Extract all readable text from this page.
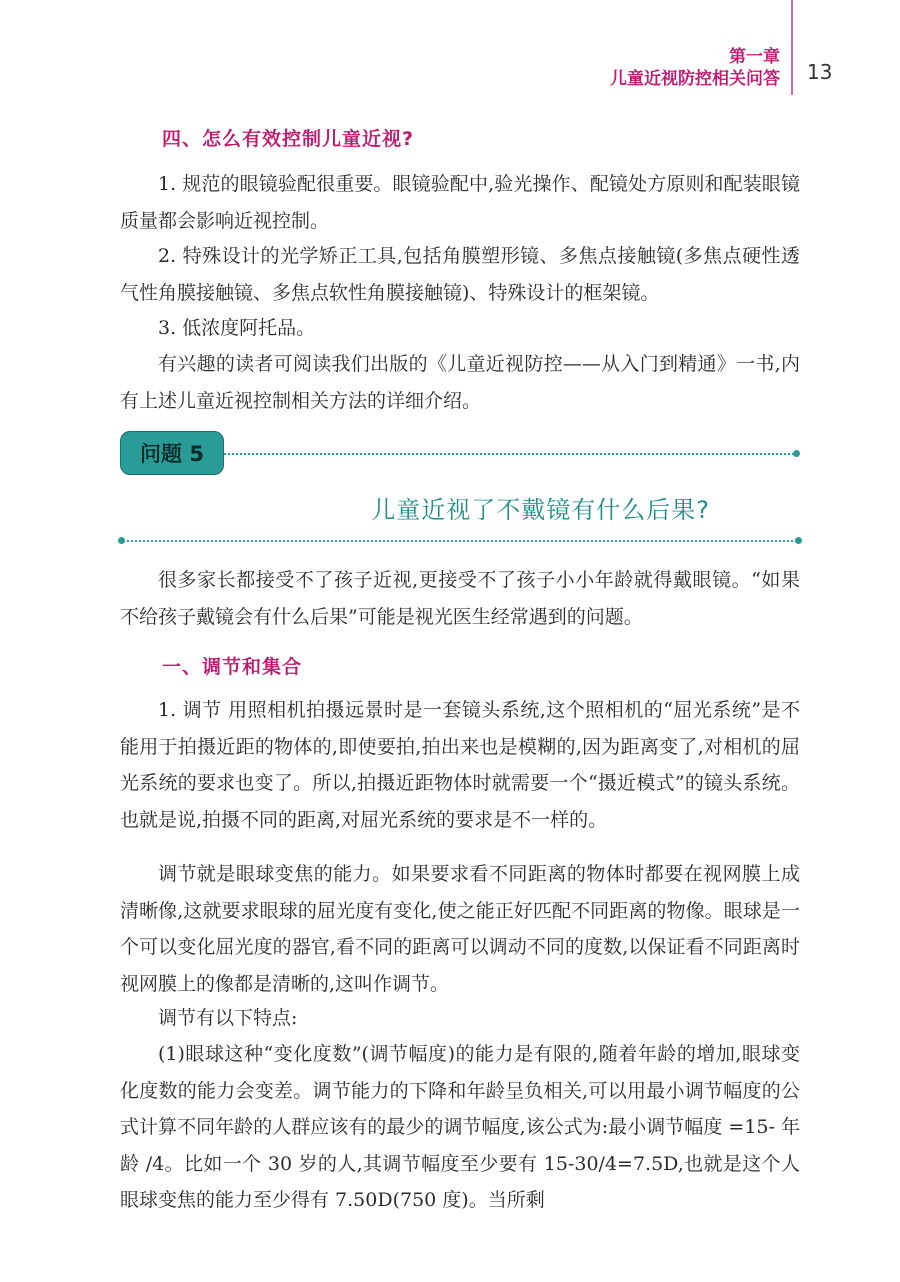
第一章
儿童近视防控相关问答 13
四、怎么有效控制儿童近视?

1. 规范的眼镜验配很重要。眼镜验配中,验光操作、配镜处方原则和配装眼镜质量都会影响近视控制。

2. 特殊设计的光学矫正工具,包括角膜塑形镜、多焦点接触镜(多焦点硬性透气性角膜接触镜、多焦点软性角膜接触镜)、特殊设计的框架镜。

3. 低浓度阿托品。

有兴趣的读者可阅读我们出版的《儿童近视防控——从入门到精通》一书,内有上述儿童近视控制相关方法的详细介绍。

问题 5
儿童近视了不戴镜有什么后果?

很多家长都接受不了孩子近视,更接受不了孩子小小年龄就得戴眼镜。“如果不给孩子戴镜会有什么后果”可能是视光医生经常遇到的问题。

一、调节和集合

1. 调节 用照相机拍摄远景时是一套镜头系统,这个照相机的“屈光系统”是不能用于拍摄近距的物体的,即使要拍,拍出来也是模糊的,因为距离变了,对相机的屈光系统的要求也变了。所以,拍摄近距物体时就需要一个“摄近模式”的镜头系统。也就是说,拍摄不同的距离,对屈光系统的要求是不一样的。

调节就是眼球变焦的能力。如果要求看不同距离的物体时都要在视网膜上成清晰像,这就要求眼球的屈光度有变化,使之能正好匹配不同距离的物像。眼球是一个可以变化屈光度的器官,看不同的距离可以调动不同的度数,以保证看不同距离时视网膜上的像都是清晰的,这叫作调节。

调节有以下特点:

(1)眼球这种“变化度数”(调节幅度)的能力是有限的,随着年龄的增加,眼球变化度数的能力会变差。调节能力的下降和年龄呈负相关,可以用最小调节幅度的公式计算不同年龄的人群应该有的最少的调节幅度,该公式为:最小调节幅度 =15- 年龄 /4。比如一个 30 岁的人,其调节幅度至少要有 15-30/4=7.5D,也就是这个人眼球变焦的能力至少得有 7.50D(750 度)。当所剩
